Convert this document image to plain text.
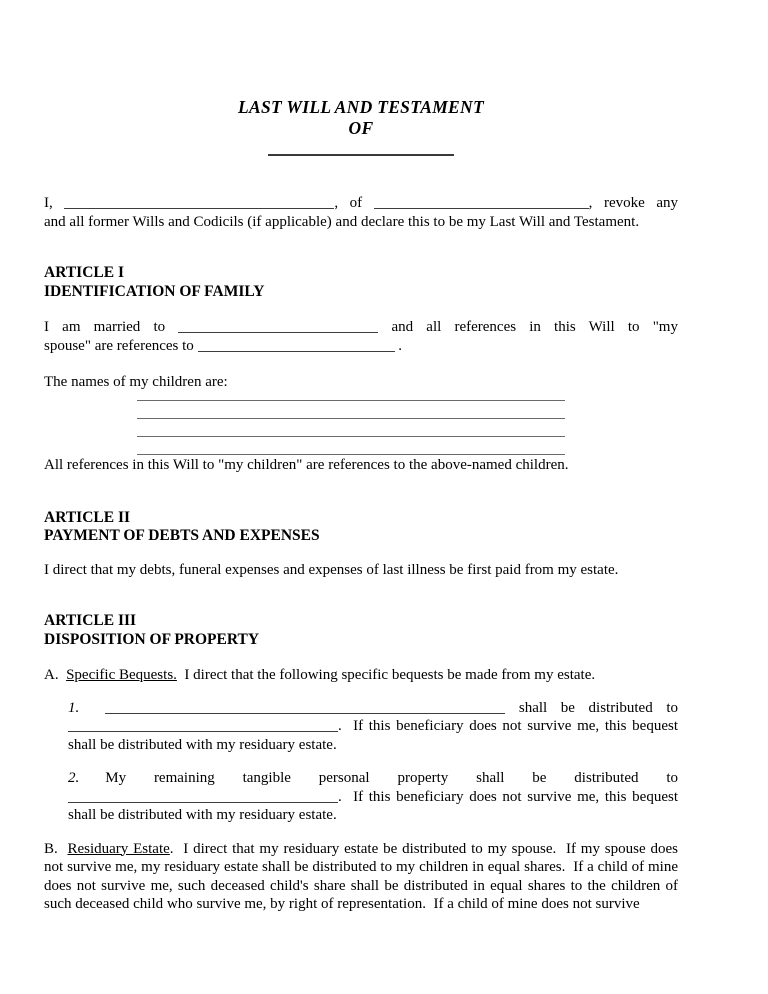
LAST WILL AND TESTAMENT
OF
I,	, of	, revoke any
and all former Wills and Codicils (if applicable) and declare this to be my Last Will and Testament.
ARTICLE I
IDENTIFICATION OF FAMILY
I am married to	and all references in this Will to "my
spouse" are references to	.
The names of my children are:
All references in this Will to "my children" are references to the above-named children.
ARTICLE II
PAYMENT OF DEBTS AND EXPENSES
I direct that my debts, funeral expenses and expenses of last illness be first paid from my estate.
ARTICLE III
DISPOSITION OF PROPERTY
A.  Specific Bequests.  I direct that the following specific bequests be made from my estate.
1.	shall be distributed to
.  If this beneficiary does not survive me, this bequest
shall be distributed with my residuary estate.
2. My remaining tangible personal property shall be distributed to
.  If this beneficiary does not survive me, this bequest
shall be distributed with my residuary estate.
B.  Residuary Estate.  I direct that my residuary estate be distributed to my spouse.  If my spouse does not survive me, my residuary estate shall be distributed to my children in equal shares.  If a child of mine does not survive me, such deceased child's share shall be distributed in equal shares to the children of such deceased child who survive me, by right of representation.  If a child of mine does not survive
